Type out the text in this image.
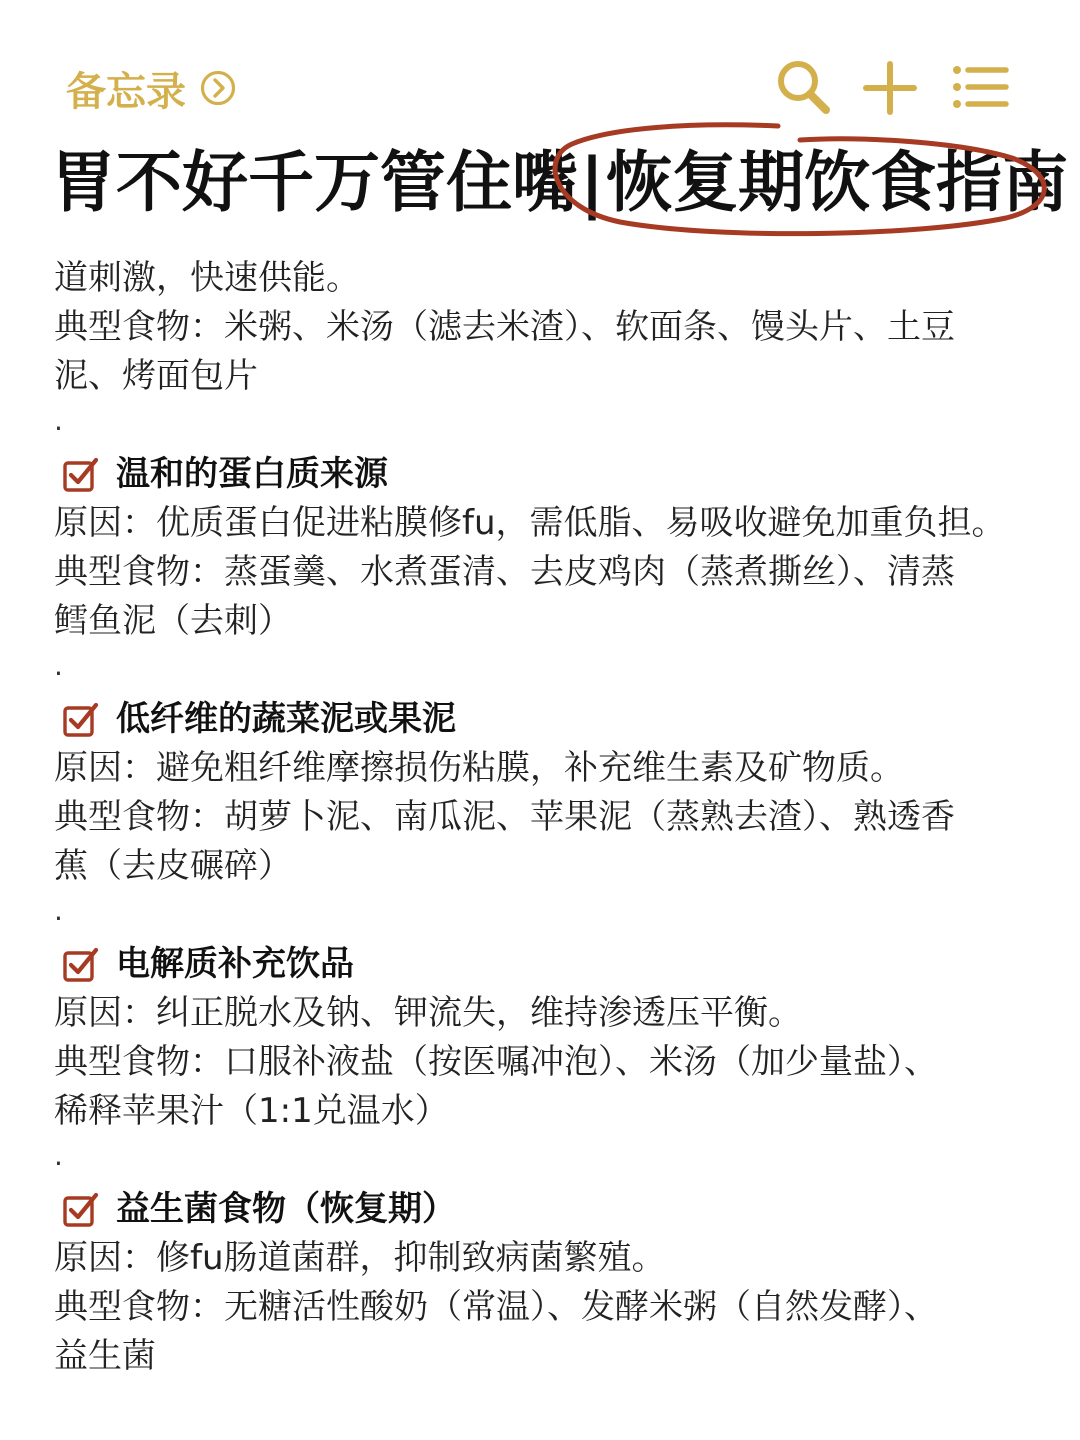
备忘录
胃不好千万管住嘴|恢复期饮食指南

道刺激，快速供能。

典型食物：米粥、米汤（滤去米渣）、软面条、馒头片、土豆

泥、烤面包片

.
温和的蛋白质来源

原因：优质蛋白促进粘膜修fu，需低脂、易吸收避免加重负担。

典型食物：蒸蛋羹、水煮蛋清、去皮鸡肉（蒸煮撕丝）、清蒸

鳕鱼泥（去刺）

.
低纤维的蔬菜泥或果泥

原因：避免粗纤维摩擦损伤粘膜，补充维生素及矿物质。

典型食物：胡萝卜泥、南瓜泥、苹果泥（蒸熟去渣）、熟透香

蕉（去皮碾碎）

.
电解质补充饮品

原因：纠正脱水及钠、钾流失，维持渗透压平衡。

典型食物：口服补液盐（按医嘱冲泡）、米汤（加少量盐）、

稀释苹果汁（1:1兑温水）

.
益生菌食物（恢复期）

原因：修fu肠道菌群，抑制致病菌繁殖。

典型食物：无糖活性酸奶（常温）、发酵米粥（自然发酵）、

益生菌
